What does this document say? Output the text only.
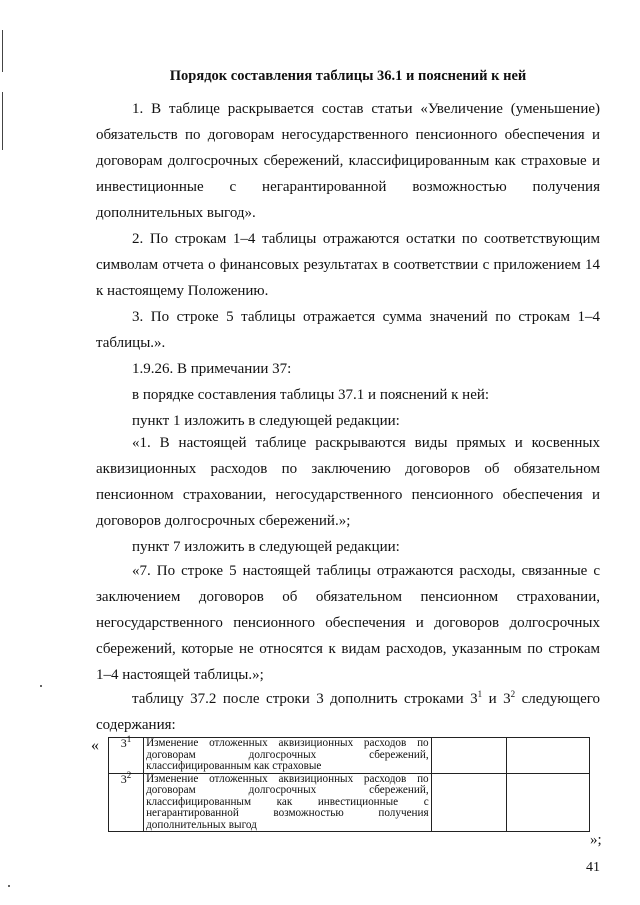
Порядок составления таблицы 36.1 и пояснений к ней

1. В таблице раскрывается состав статьи «Увеличение (уменьшение) обязательств по договорам негосударственного пенсионного обеспечения и договорам долгосрочных сбережений, классифицированным как страховые и инвестиционные с негарантированной возможностью получения дополнительных выгод».

2. По строкам 1–4 таблицы отражаются остатки по соответствующим символам отчета о финансовых результатах в соответствии с приложением 14 к настоящему Положению.

3. По строке 5 таблицы отражается сумма значений по строкам 1–4 таблицы.».

1.9.26. В примечании 37:
в порядке составления таблицы 37.1 и пояснений к ней:
пункт 1 изложить в следующей редакции:

«1. В настоящей таблице раскрываются виды прямых и косвенных аквизиционных расходов по заключению договоров об обязательном пенсионном страховании, негосударственного пенсионного обеспечения и договоров долгосрочных сбережений.»;

пункт 7 изложить в следующей редакции:

«7. По строке 5 настоящей таблицы отражаются расходы, связанные с заключением договоров об обязательном пенсионном страховании, негосударственного пенсионного обеспечения и договоров долгосрочных сбережений, которые не относятся к видам расходов, указанным по строкам 1–4 настоящей таблицы.»;

таблицу 37.2 после строки 3 дополнить строками $3^1$ и $3^2$ следующего содержания:

« $3^1$	Изменение отложенных аквизиционных расходов по договорам долгосрочных сбережений, классифицированным как страховые		
$3^2$	Изменение отложенных аквизиционных расходов по договорам долгосрочных сбережений, классифицированным как инвестиционные с негарантированной возможностью получения дополнительных выгод		
»;
41
